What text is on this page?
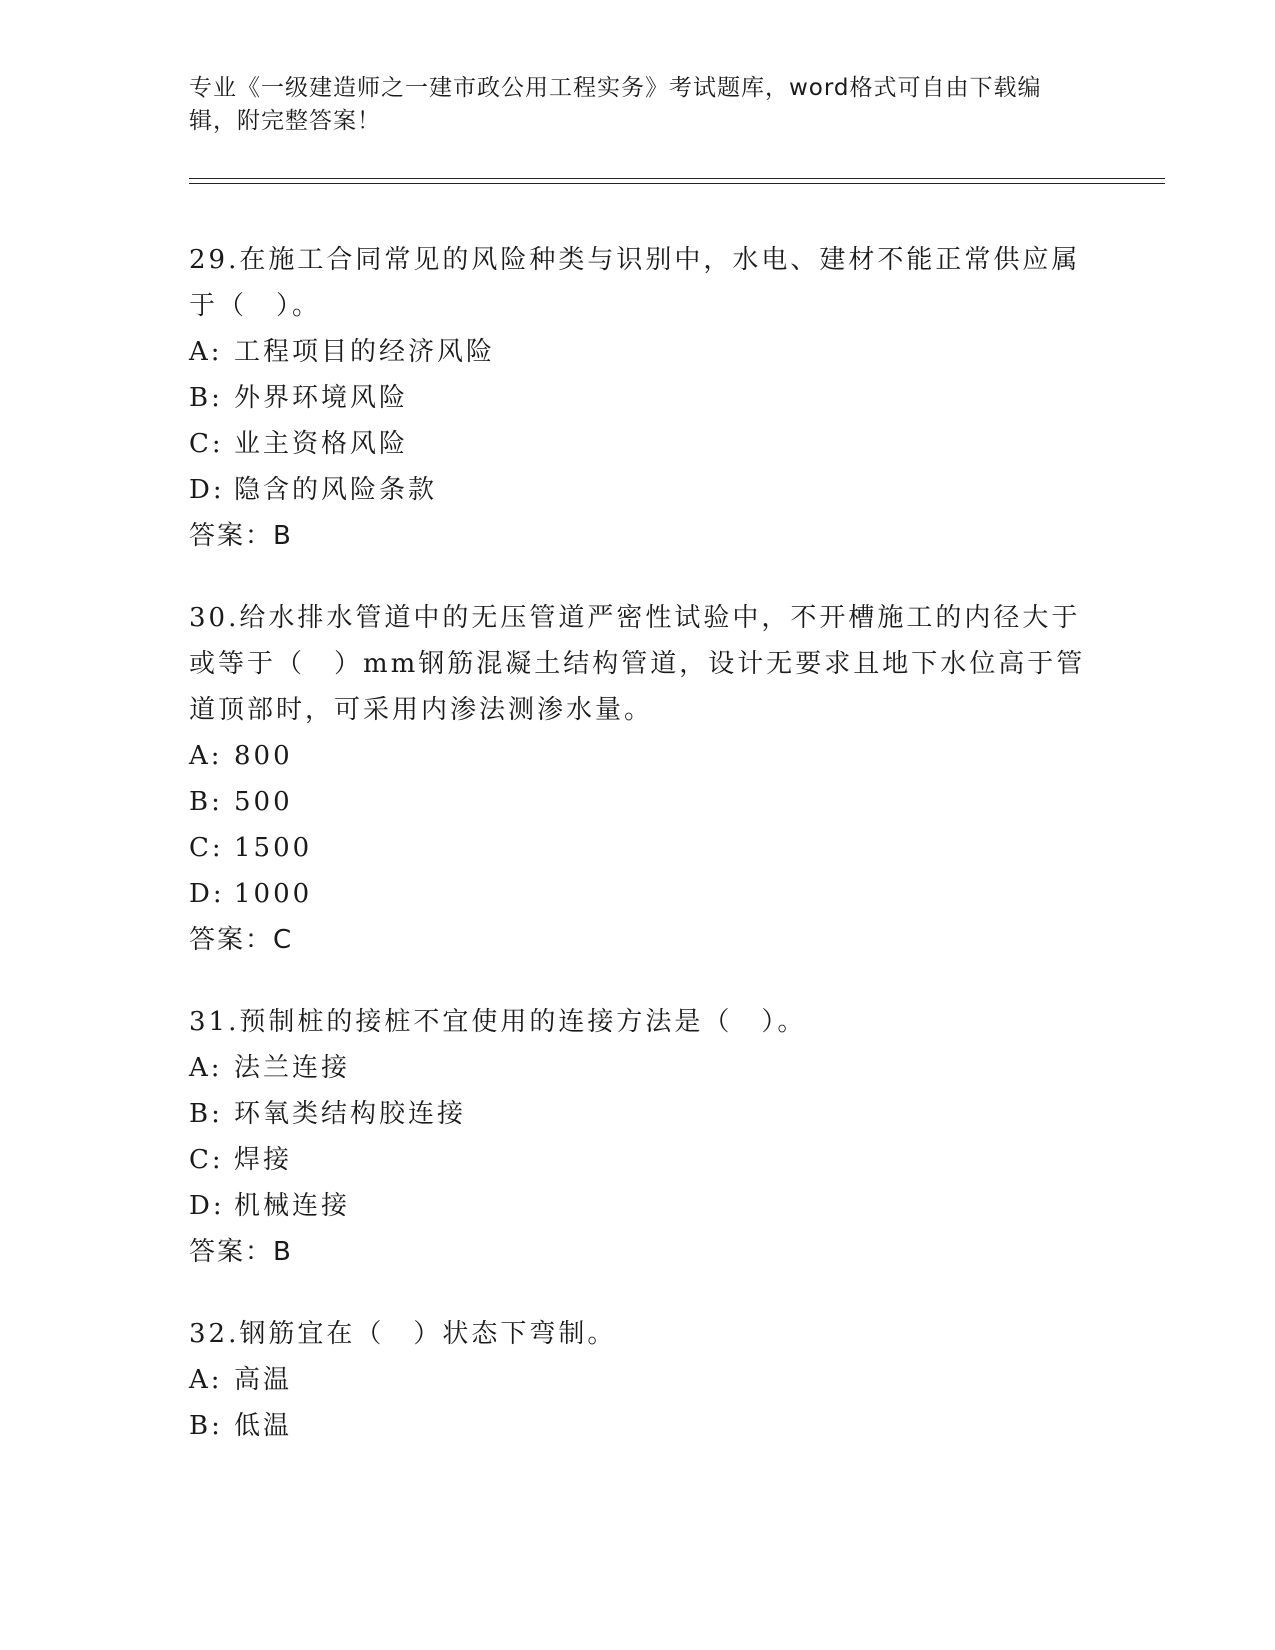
专业《一级建造师之一建市政公用工程实务》考试题库，word格式可自由下载编辑，附完整答案！

29.在施工合同常见的风险种类与识别中，水电、建材不能正常供应属于（　）。

A: 工程项目的经济风险

B: 外界环境风险

C: 业主资格风险

D: 隐含的风险条款

答案：B

30.给水排水管道中的无压管道严密性试验中，不开槽施工的内径大于或等于（　）mm钢筋混凝土结构管道，设计无要求且地下水位高于管道顶部时，可采用内渗法测渗水量。

A: 800

B: 500

C: 1500

D: 1000

答案：C

31.预制桩的接桩不宜使用的连接方法是（　）。

A: 法兰连接

B: 环氧类结构胶连接

C: 焊接

D: 机械连接

答案：B

32.钢筋宜在（　）状态下弯制。

A: 高温

B: 低温
